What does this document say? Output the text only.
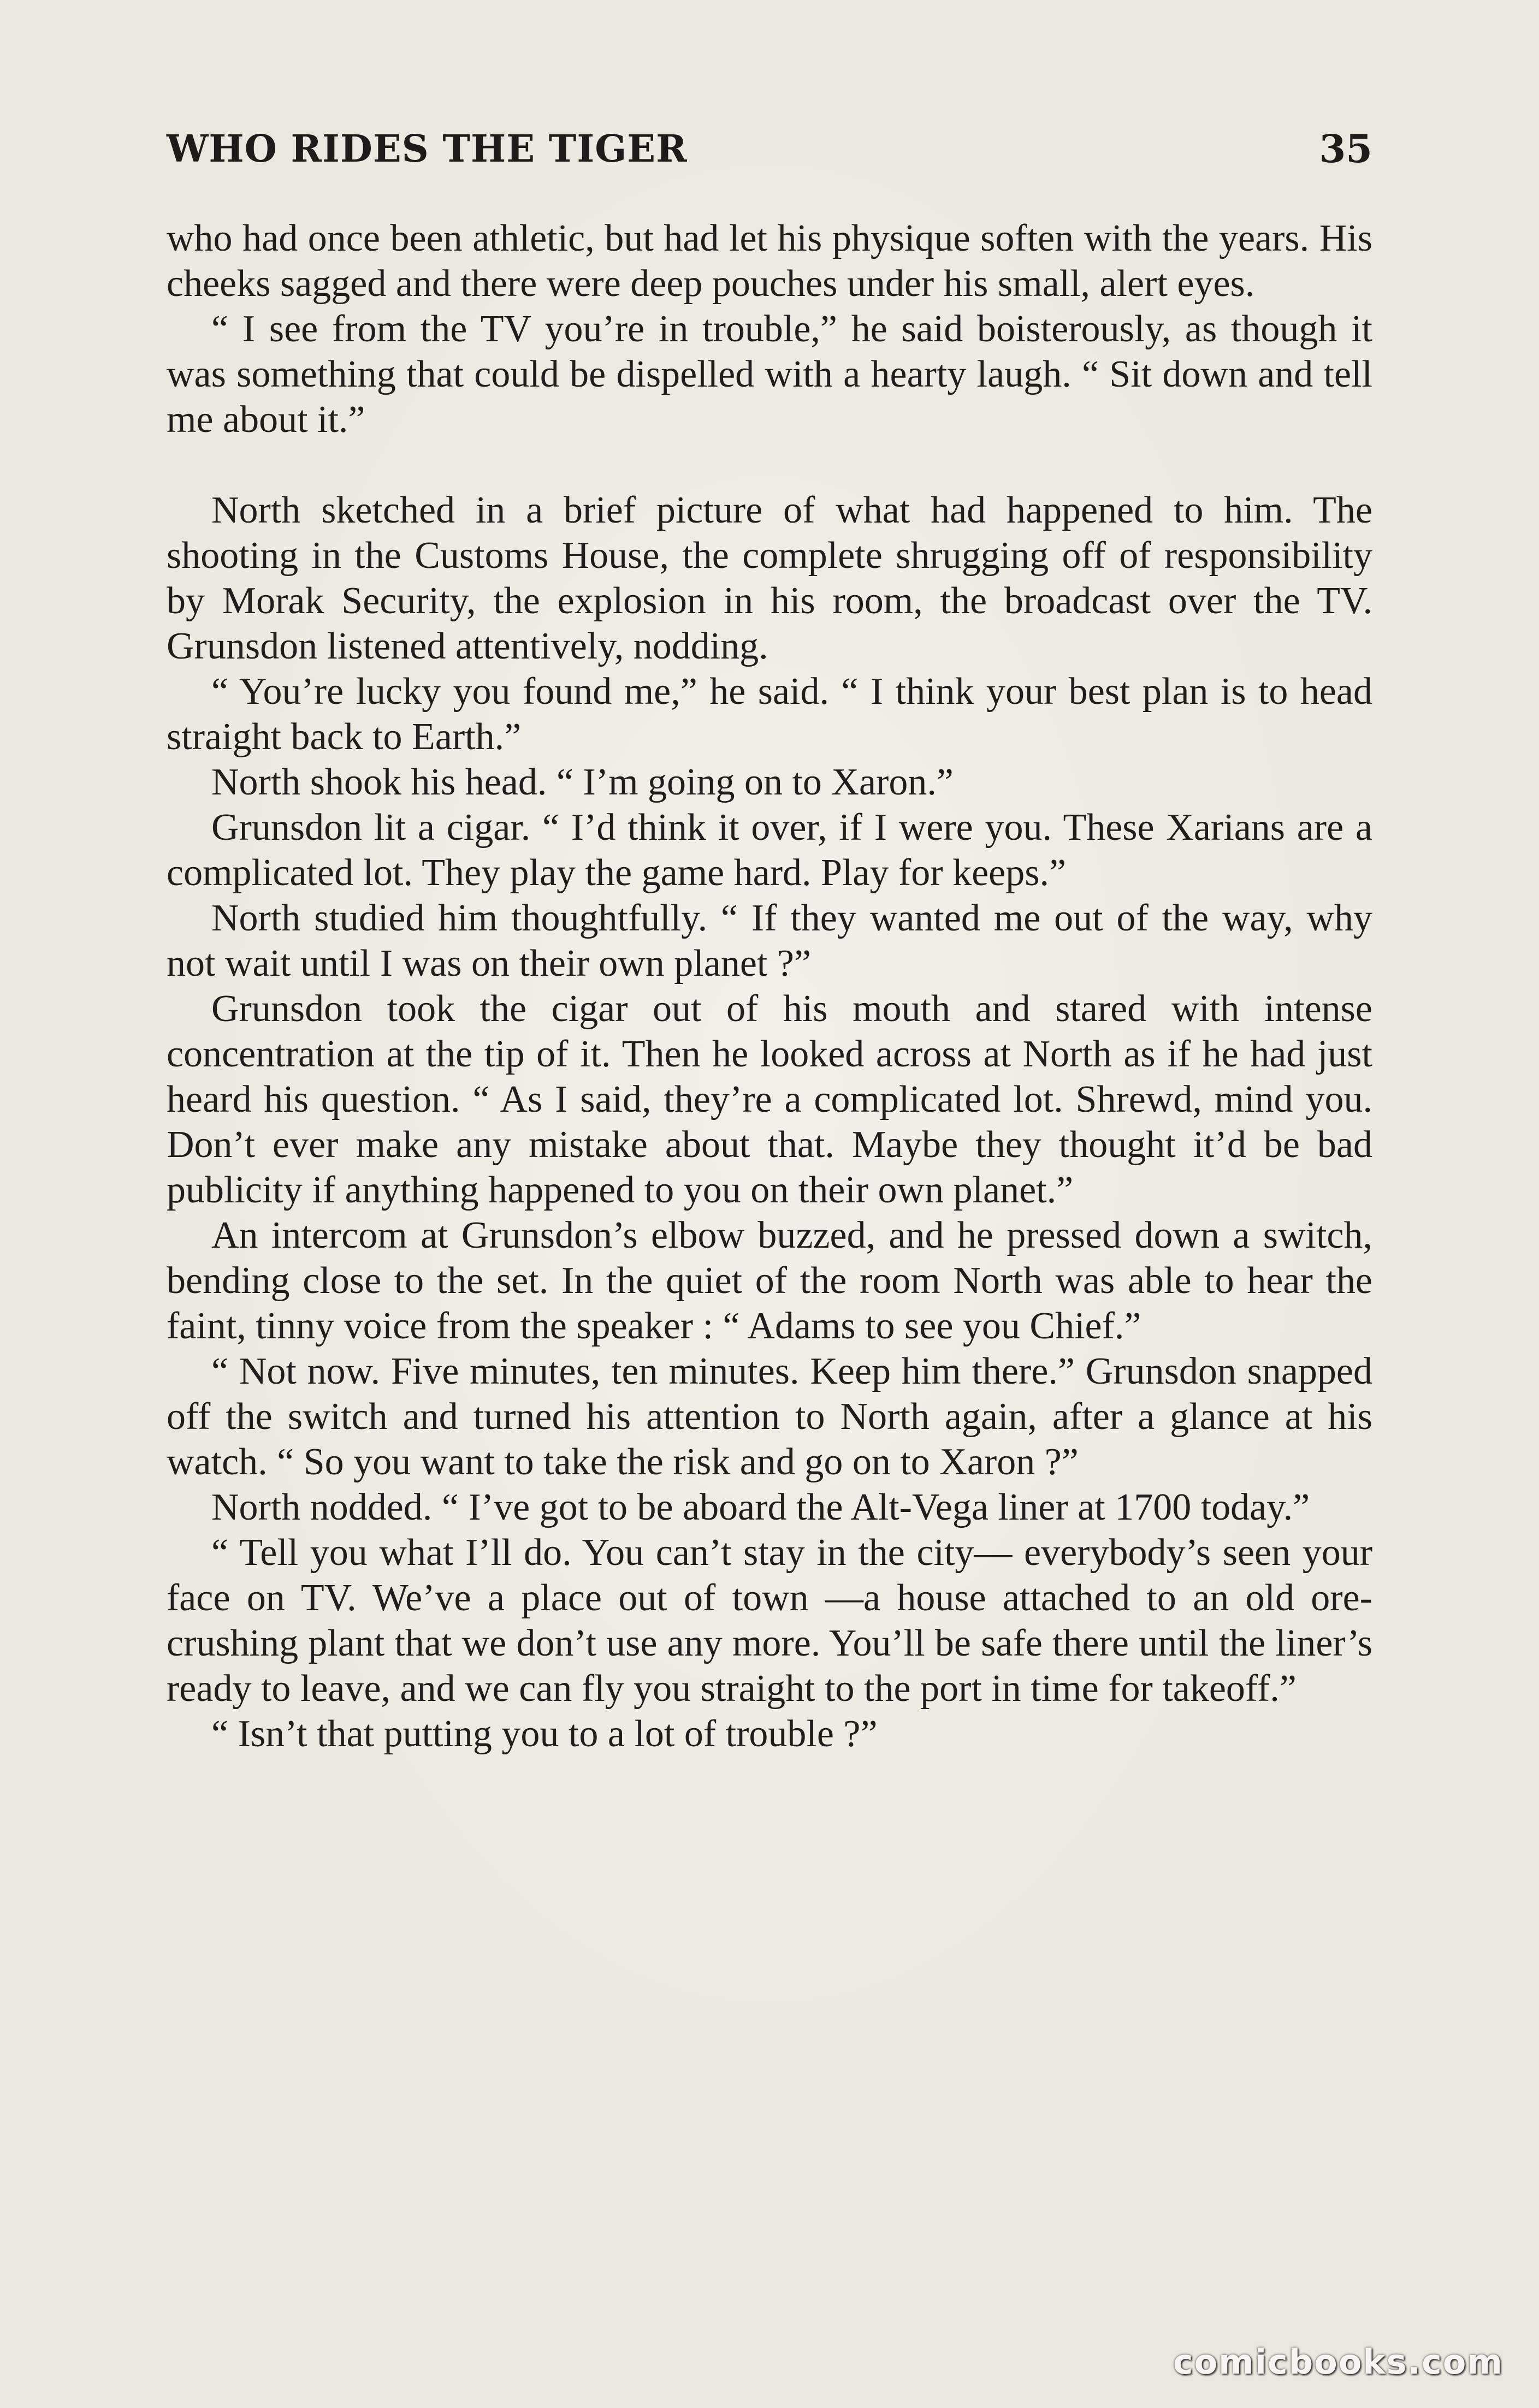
WHO RIDES THE TIGER	35

who had once been athletic, but had let his physique soften with the years. His cheeks sagged and there were deep pouches under his small, alert eyes.

“ I see from the TV you’re in trouble,” he said boisterously, as though it was something that could be dispelled with a hearty laugh. “ Sit down and tell me about it.”

North sketched in a brief picture of what had happened to him. The shooting in the Customs House, the complete shrugging off of responsibility by Morak Security, the explosion in his room, the broadcast over the TV. Grunsdon listened attentively, nodding.

“ You’re lucky you found me,” he said. “ I think your best plan is to head straight back to Earth.”

North shook his head. “ I’m going on to Xaron.”

Grunsdon lit a cigar. “ I’d think it over, if I were you. These Xarians are a complicated lot. They play the game hard. Play for keeps.”

North studied him thoughtfully. “ If they wanted me out of the way, why not wait until I was on their own planet ?”

Grunsdon took the cigar out of his mouth and stared with intense concentration at the tip of it. Then he looked across at North as if he had just heard his question. “ As I said, they’re a complicated lot. Shrewd, mind you. Don’t ever make any mistake about that. Maybe they thought it’d be bad publicity if anything happened to you on their own planet.”

An intercom at Grunsdon’s elbow buzzed, and he pressed down a switch, bending close to the set. In the quiet of the room North was able to hear the faint, tinny voice from the speaker : “ Adams to see you Chief.”

“ Not now. Five minutes, ten minutes. Keep him there.” Grunsdon snapped off the switch and turned his attention to North again, after a glance at his watch. “ So you want to take the risk and go on to Xaron ?”

North nodded. “ I’ve got to be aboard the Alt-Vega liner at 1700 today.”

“ Tell you what I’ll do. You can’t stay in the city— everybody’s seen your face on TV. We’ve a place out of town —a house attached to an old ore-crushing plant that we don’t use any more. You’ll be safe there until the liner’s ready to leave, and we can fly you straight to the port in time for takeoff.”

“ Isn’t that putting you to a lot of trouble ?”

comicbooks.com
